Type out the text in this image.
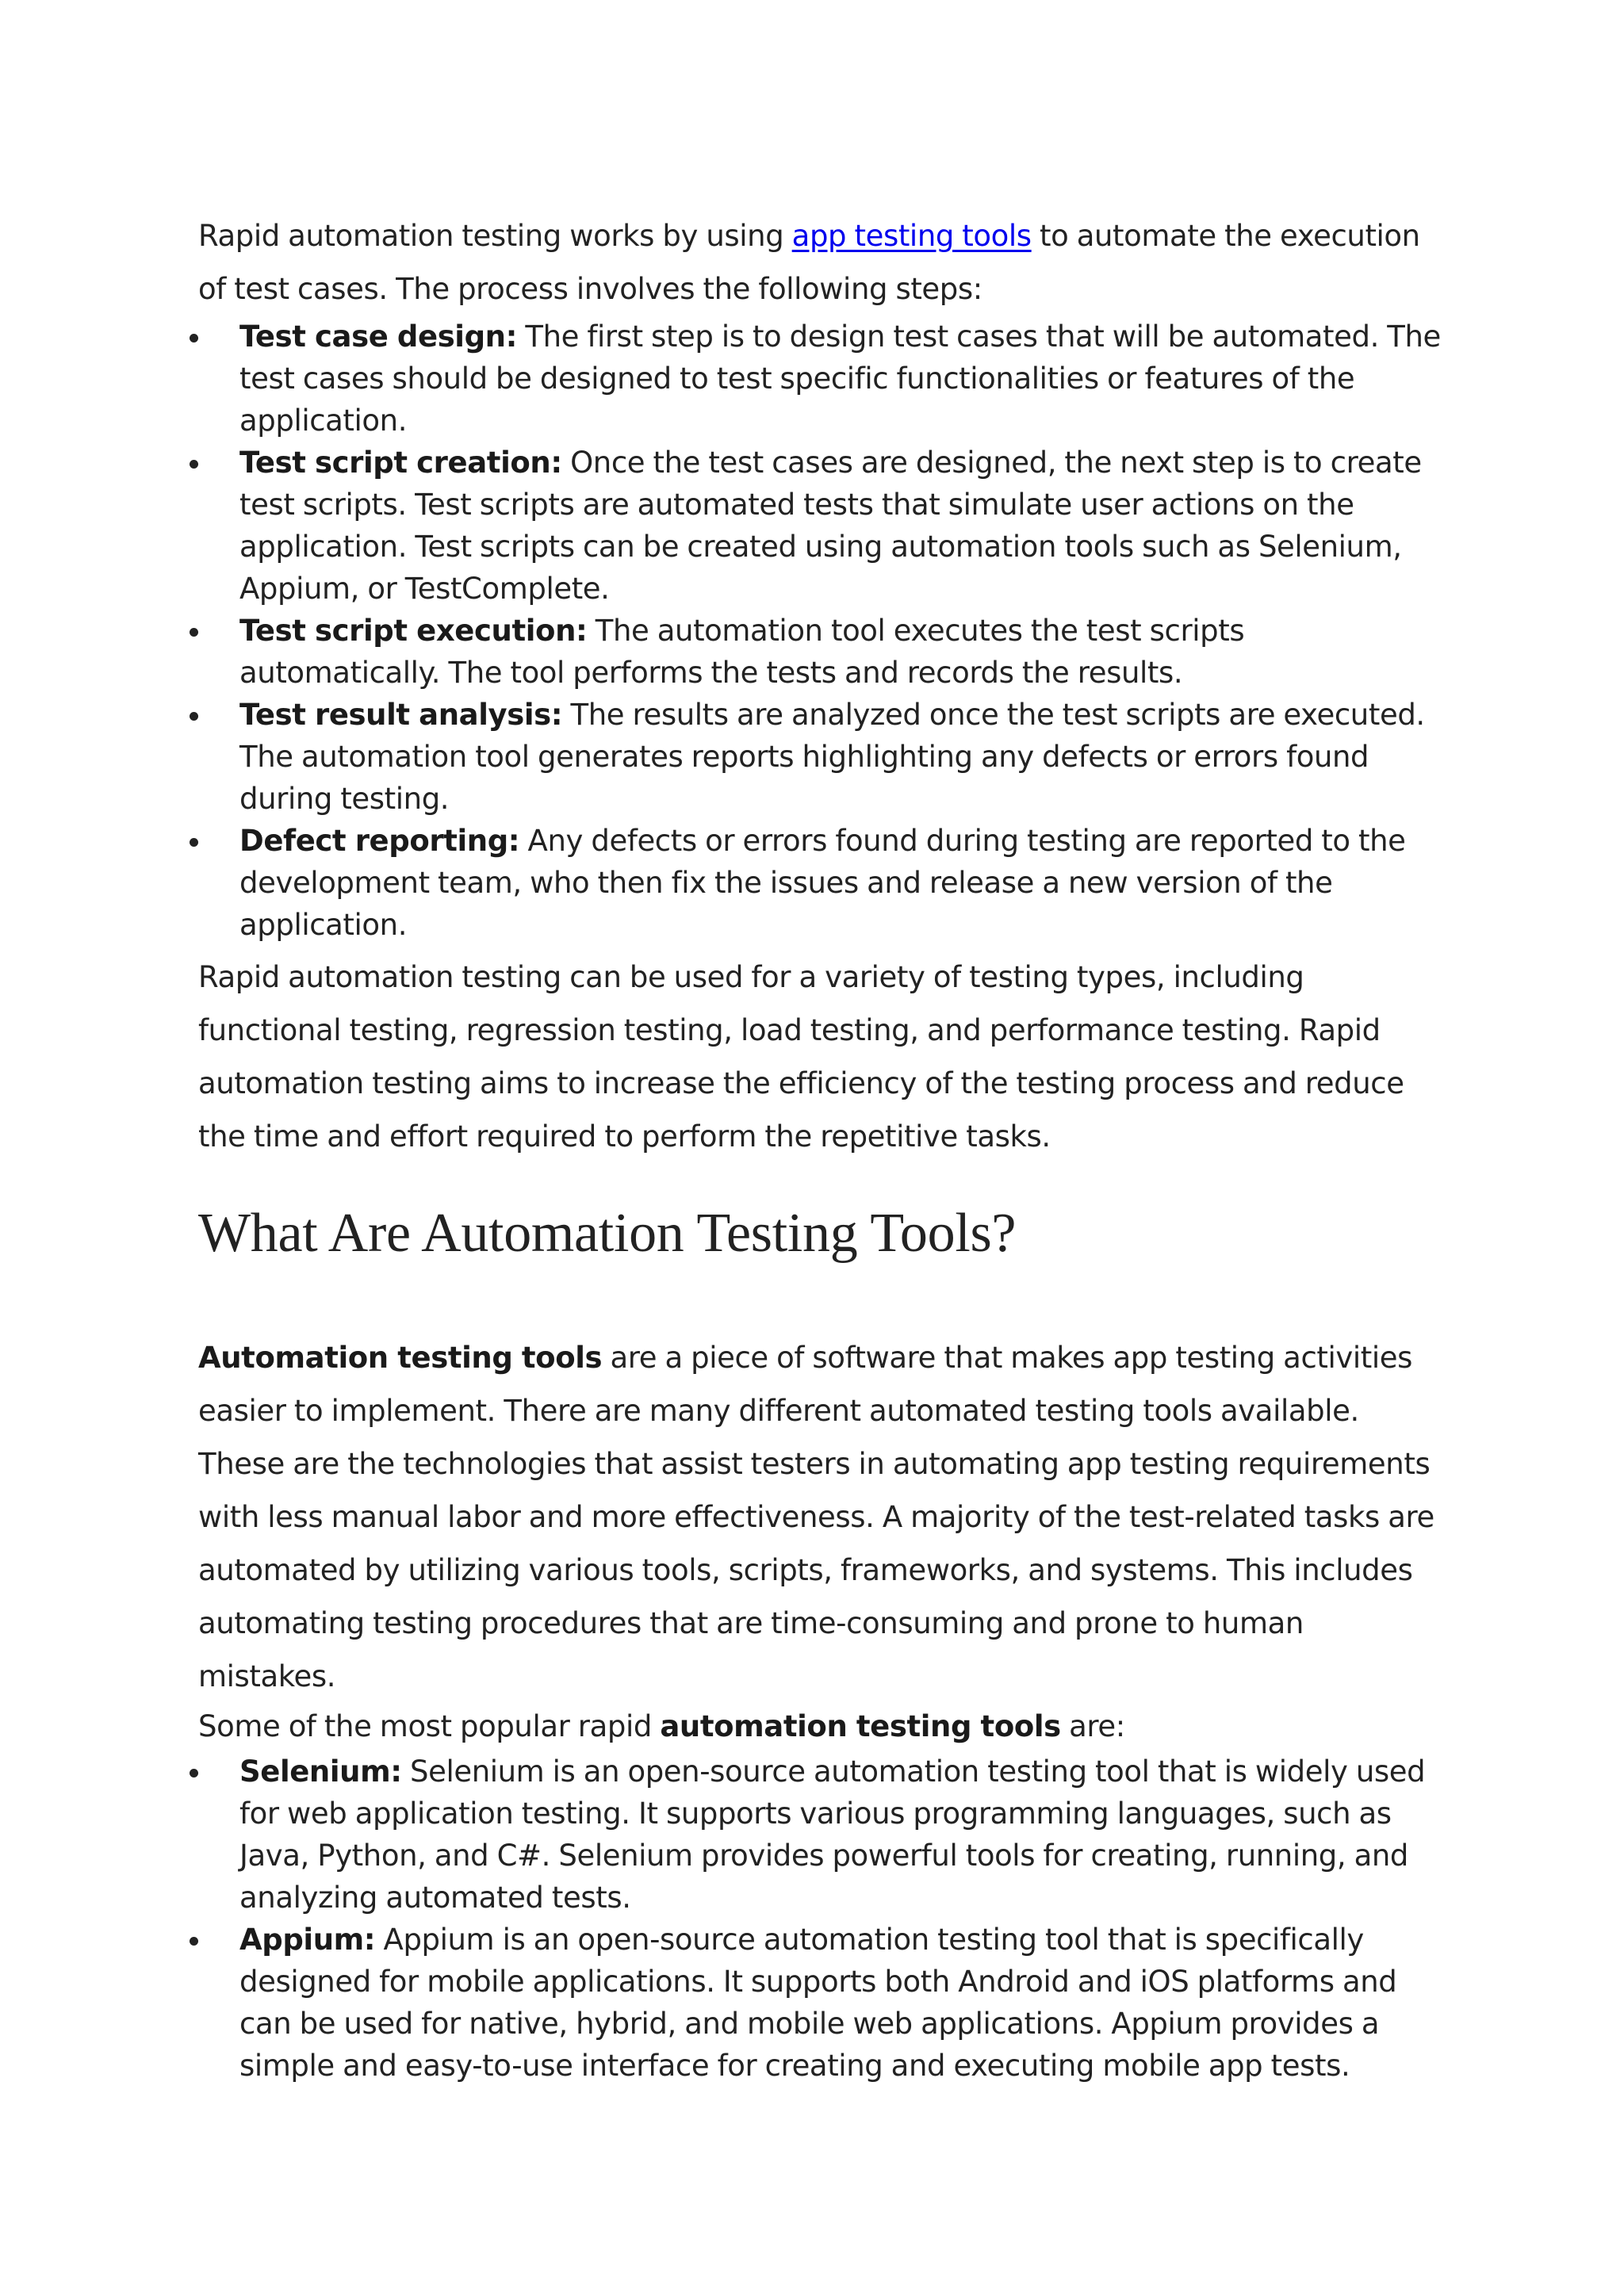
Rapid automation testing works by using app testing tools to automate the execution of test cases. The process involves the following steps:

Test case design: The first step is to design test cases that will be automated. The test cases should be designed to test specific functionalities or features of the application.
Test script creation: Once the test cases are designed, the next step is to create test scripts. Test scripts are automated tests that simulate user actions on the application. Test scripts can be created using automation tools such as Selenium, Appium, or TestComplete.
Test script execution: The automation tool executes the test scripts automatically. The tool performs the tests and records the results.
Test result analysis: The results are analyzed once the test scripts are executed. The automation tool generates reports highlighting any defects or errors found during testing.
Defect reporting: Any defects or errors found during testing are reported to the development team, who then fix the issues and release a new version of the application.

Rapid automation testing can be used for a variety of testing types, including functional testing, regression testing, load testing, and performance testing. Rapid automation testing aims to increase the efficiency of the testing process and reduce the time and effort required to perform the repetitive tasks.

What Are Automation Testing Tools?

Automation testing tools are a piece of software that makes app testing activities easier to implement. There are many different automated testing tools available. These are the technologies that assist testers in automating app testing requirements with less manual labor and more effectiveness. A majority of the test-related tasks are automated by utilizing various tools, scripts, frameworks, and systems. This includes automating testing procedures that are time-consuming and prone to human mistakes.

Some of the most popular rapid automation testing tools are:

Selenium: Selenium is an open-source automation testing tool that is widely used for web application testing. It supports various programming languages, such as Java, Python, and C#. Selenium provides powerful tools for creating, running, and analyzing automated tests.
Appium: Appium is an open-source automation testing tool that is specifically designed for mobile applications. It supports both Android and iOS platforms and can be used for native, hybrid, and mobile web applications. Appium provides a simple and easy-to-use interface for creating and executing mobile app tests.
